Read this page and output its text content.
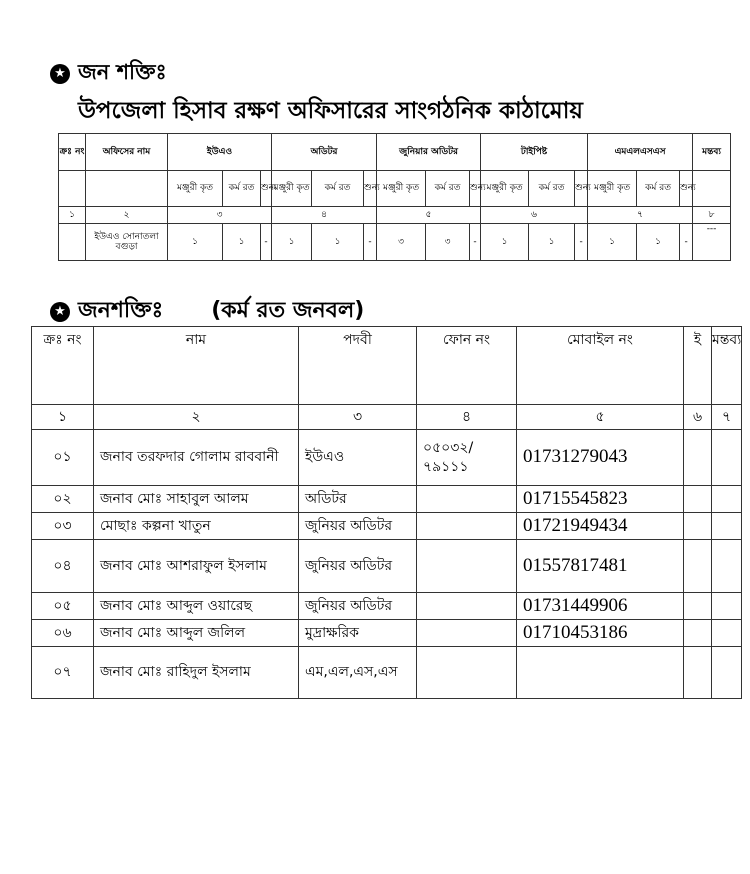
★ জন শক্তিঃ
উপজেলা হিসাব রক্ষণ অফিসারের সাংগঠনিক কাঠামোয়
ক্রঃ নং	অফিসের নাম	ইউএও			অডিটর			জুনিয়ার অডিটর			টাইপিষ্ট			এমএলএসএস			মন্তব্য
		মঞ্জুরী কৃত	কর্ম রত	শুন্য	মঞ্জুরী কৃত	কর্ম রত	শুন্য	মঞ্জুরী কৃত	কর্ম রত	শুন্য	মঞ্জুরী কৃত	কর্ম রত	শুন্য	মঞ্জুরী কৃত	কর্ম রত	শুন্য	
১	২	৩			৪			৫			৬			৭			৮
	ইউএও সোনাতলা বগুড়া	১	১	-	১	১	-	৩	৩	-	১	১	-	১	১	-	---
★ জনশক্তিঃ (কর্ম রত জনবল)
ক্রঃ নং	নাম	পদবী	ফোন নং	মোবাইল নং	ই	মন্তব্য
১	২	৩	৪	৫	৬	৭
০১	জনাব তরফদার গোলাম রাববানী	ইউএও	০৫০৩২/ ৭৯১১১	01731279043		
০২	জনাব মোঃ সাহাবুল আলম	অডিটর		01715545823		
০৩	মোছাঃ কল্পনা খাতুন	জুনিয়র অডিটর		01721949434		
০৪	জনাব মোঃ আশরাফুল ইসলাম	জুনিয়র অডিটর		01557817481		
০৫	জনাব মোঃ আব্দুল ওয়ারেছ	জুনিয়র অডিটর		01731449906		
০৬	জনাব মোঃ আব্দুল জলিল	মুদ্রাক্ষরিক		01710453186		
০৭	জনাব মোঃ রাহিদুল ইসলাম	এম,এল,এস,এস				
